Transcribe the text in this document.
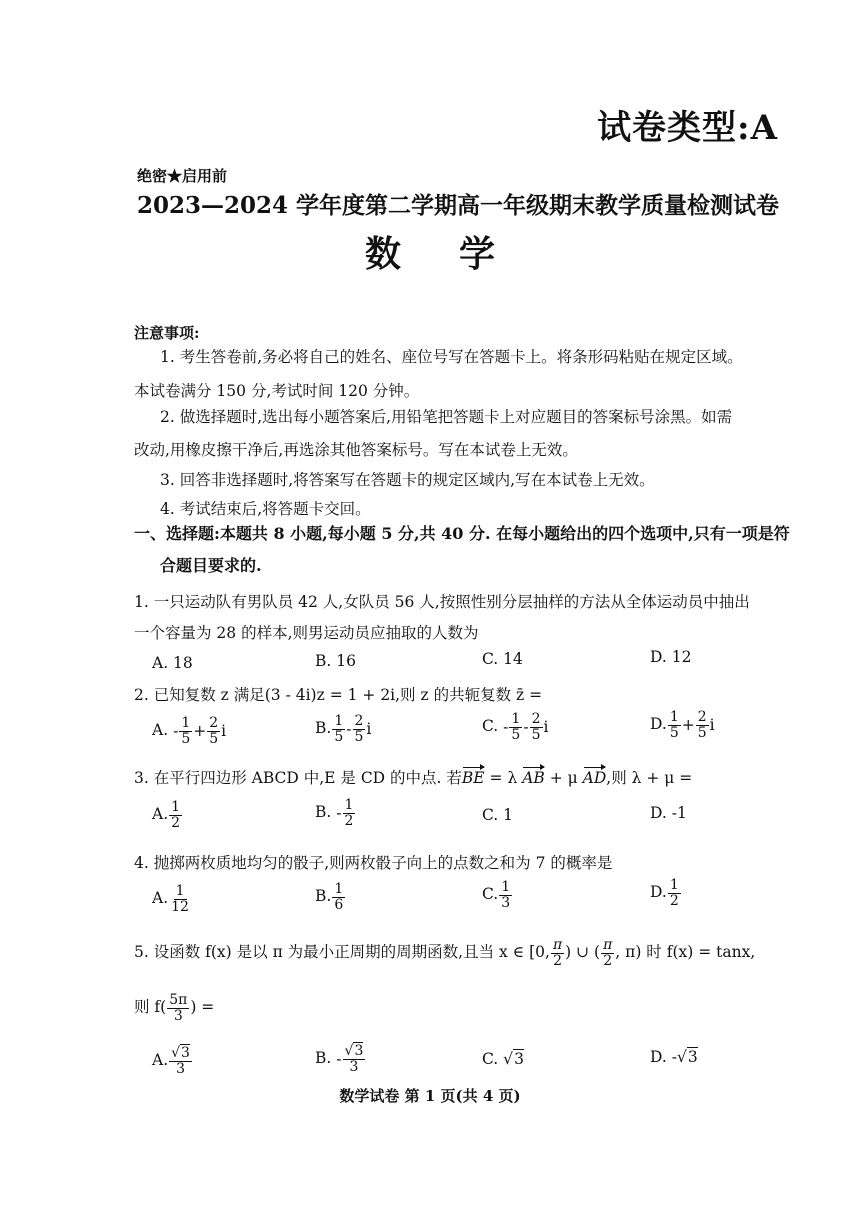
试卷类型:A
绝密★启用前
2023—2024 学年度第二学期高一年级期末教学质量检测试卷
数学
注意事项:
1. 考生答卷前,务必将自己的姓名、座位号写在答题卡上。将条形码粘贴在规定区域。
本试卷满分 150 分,考试时间 120 分钟。
2. 做选择题时,选出每小题答案后,用铅笔把答题卡上对应题目的答案标号涂黑。如需
改动,用橡皮擦干净后,再选涂其他答案标号。写在本试卷上无效。
3. 回答非选择题时,将答案写在答题卡的规定区域内,写在本试卷上无效。
4. 考试结束后,将答题卡交回。
一、选择题:本题共 8 小题,每小题 5 分,共 40 分. 在每小题给出的四个选项中,只有一项是符
合题目要求的.
1. 一只运动队有男队员 42 人,女队员 56 人,按照性别分层抽样的方法从全体运动员中抽出
一个容量为 28 的样本,则男运动员应抽取的人数为
A. 18	B. 16	C. 14	D. 12
2. 已知复数 z 满足(3 - 4i)z = 1 + 2i,则 z 的共轭复数 z̄ =
A. - $\frac{1}{5} + \frac{2}{5}$ i	B. $\frac{1}{5} - \frac{2}{5}$ i	C. - $\frac{1}{5} - \frac{2}{5}$ i	D. $\frac{1}{5} + \frac{2}{5}$ i
3. 在平行四边形 ABCD 中,E 是 CD 的中点. 若BE = λ AB + μ AD,则 λ + μ =
A. $\frac{1}{2}$	B. - $\frac{1}{2}$	C. 1	D. -1
4. 抛掷两枚质地均匀的骰子,则两枚骰子向上的点数之和为 7 的概率是
A. $\frac{1}{12}$	B. $\frac{1}{6}$	C. $\frac{1}{3}$	D. $\frac{1}{2}$
5. 设函数 f(x) 是以 π 为最小正周期的周期函数,且当 x ∈ [0, $\frac{\pi}{2}$ ) ∪ ( $\frac{\pi}{2}$ , π) 时 f(x) = tanx,
则 $f( \frac{5\pi}{3}$ ) =
A. $\frac{√3}{3}$	B. - $\frac{√3}{3}$	C. √3	D. -√3
数学试卷 第 1 页(共 4 页)
